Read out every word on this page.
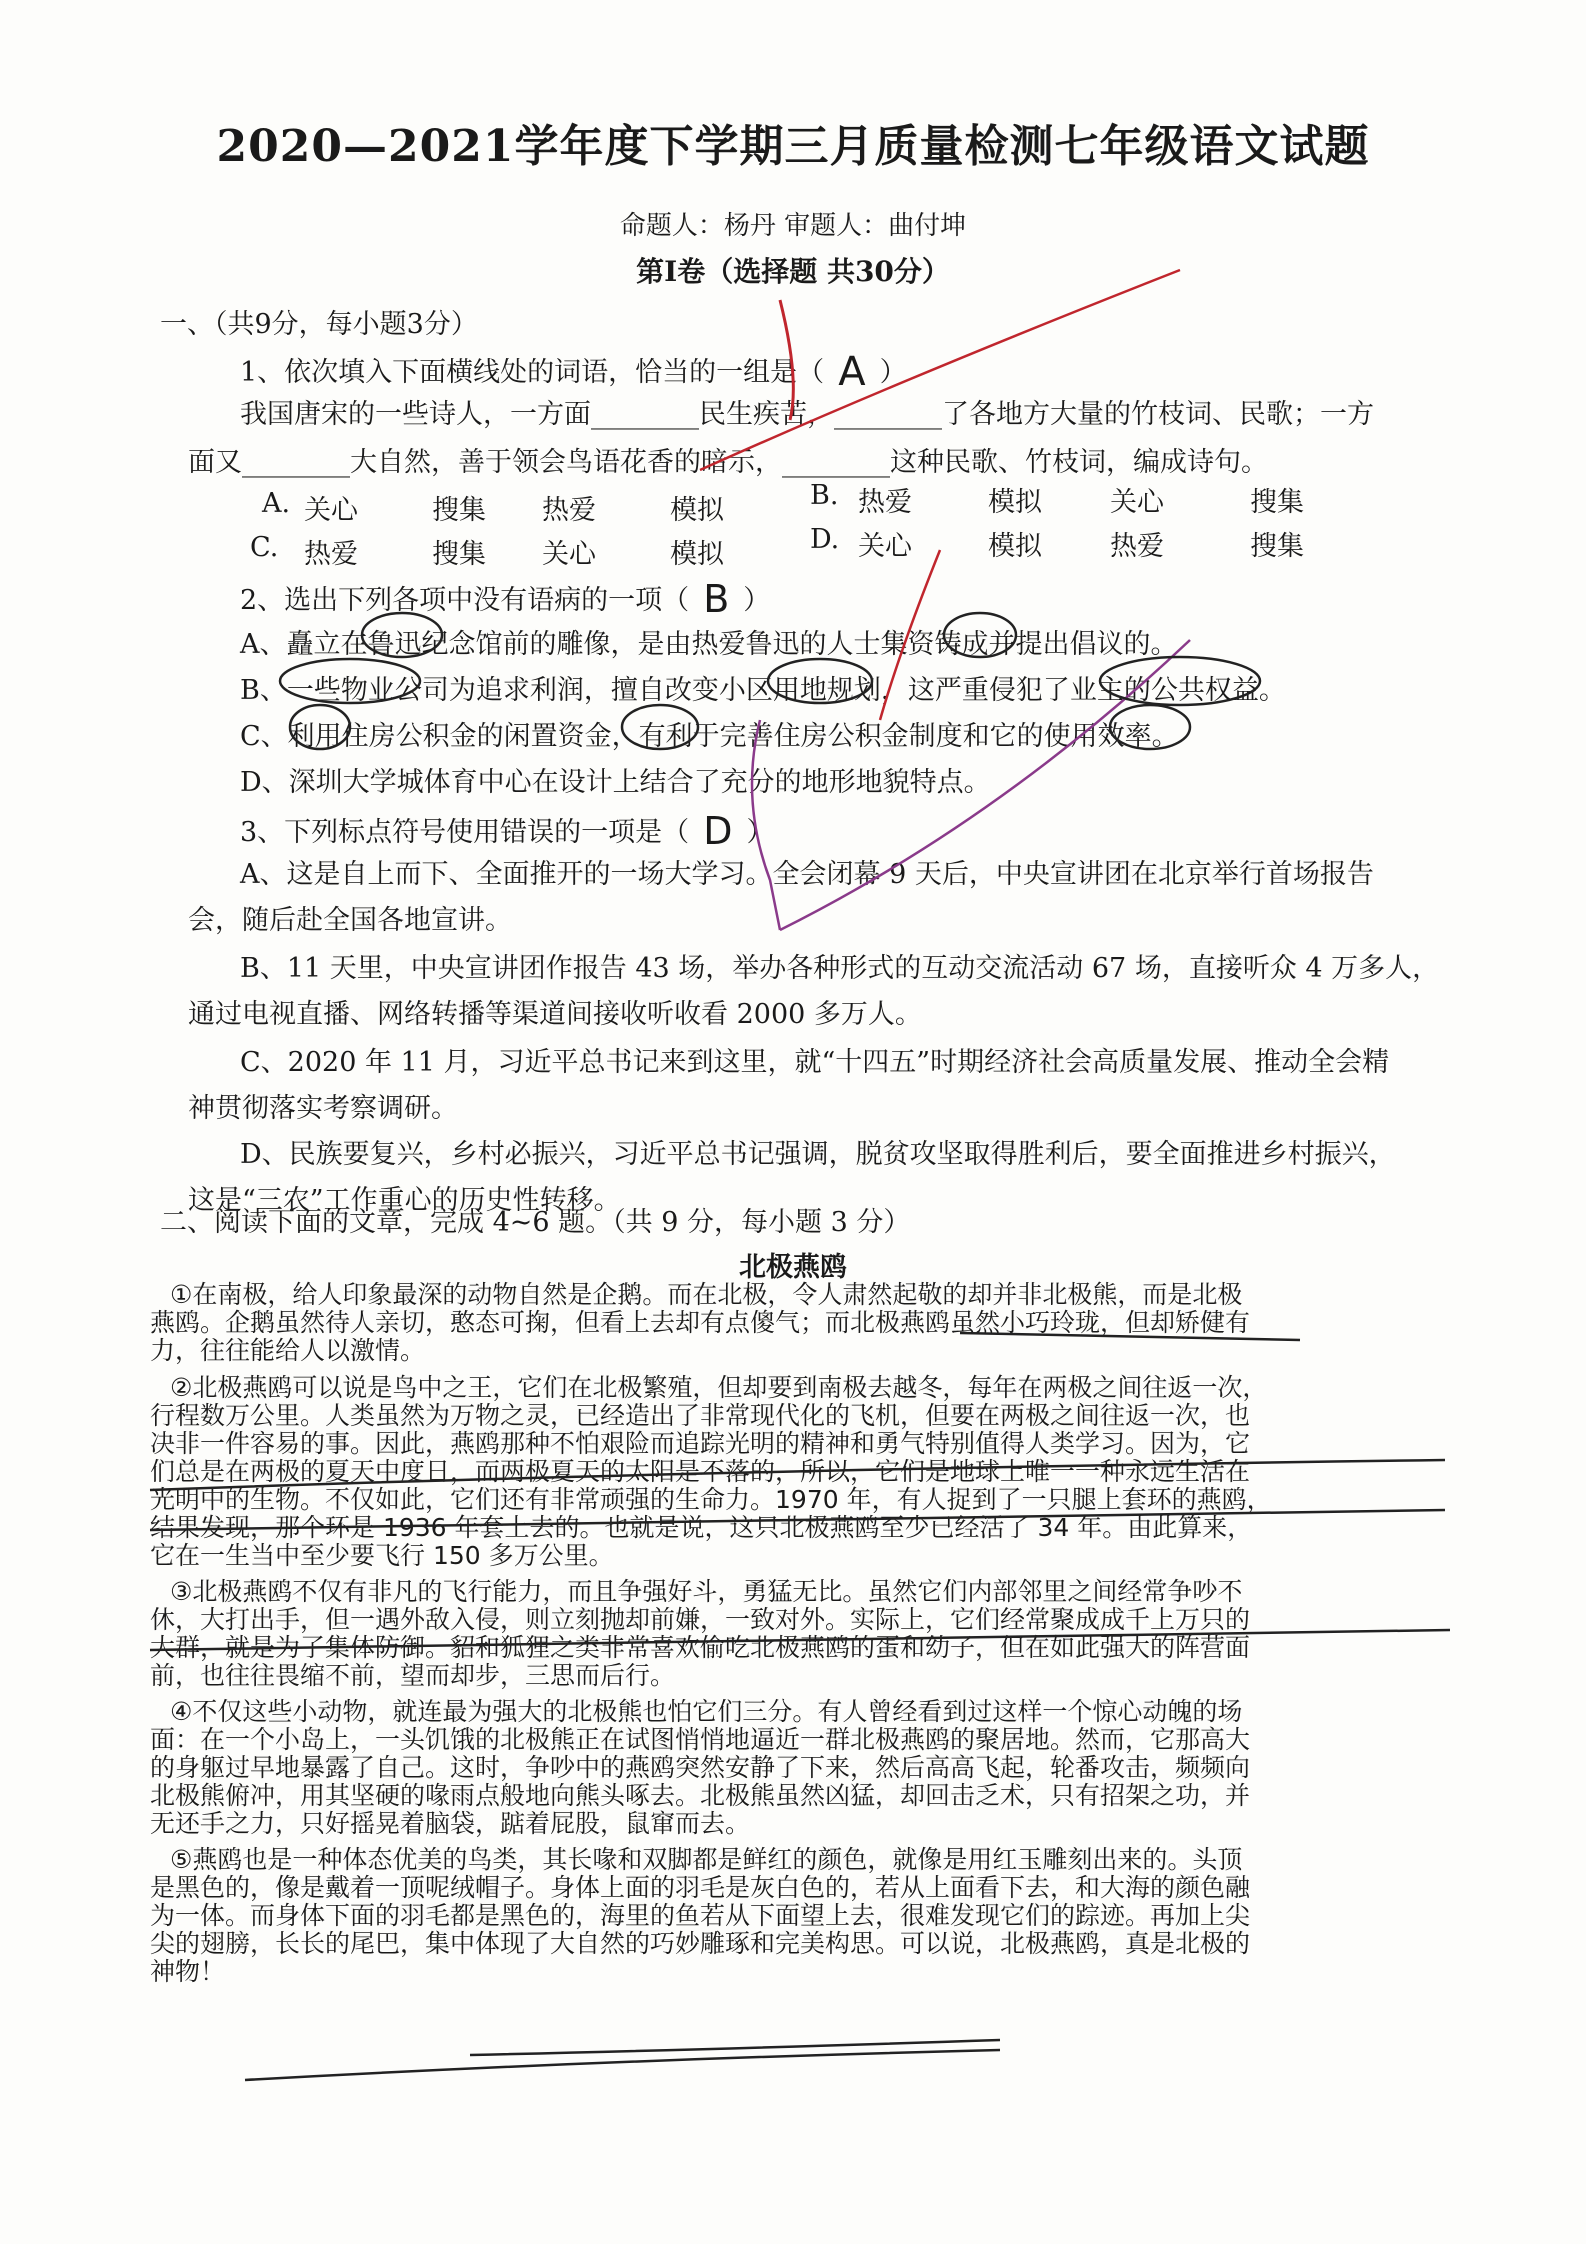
2020—2021学年度下学期三月质量检测七年级语文试题
命题人：杨丹 审题人：曲付坤
第Ⅰ卷（选择题 共30分）
一、（共9分，每小题3分）
1、依次填入下面横线处的词语，恰当的一组是（ A ）
我国唐宋的一些诗人，一方面________民生疾苦，________了各地方大量的竹枝词、民歌；一方
面又________大自然，善于领会鸟语花香的暗示，________这种民歌、竹枝词，编成诗句。
A. 关心	搜集 热爱	模拟	B. 热爱	模拟	关心	搜集
C. 热爱	搜集 关心	模拟	D. 关心	模拟	热爱	搜集
2、选出下列各项中没有语病的一项（ B ）
A、矗立在鲁迅纪念馆前的雕像，是由热爱鲁迅的人士集资铸成并提出倡议的。
B、一些物业公司为追求利润，擅自改变小区用地规划，这严重侵犯了业主的公共权益。
C、利用住房公积金的闲置资金，有利于完善住房公积金制度和它的使用效率。
D、深圳大学城体育中心在设计上结合了充分的地形地貌特点。
3、下列标点符号使用错误的一项是（ D ）
A、这是自上而下、全面推开的一场大学习。全会闭幕 9 天后，中央宣讲团在北京举行首场报告
会，随后赴全国各地宣讲。
B、11 天里，中央宣讲团作报告 43 场，举办各种形式的互动交流活动 67 场，直接听众 4 万多人，
通过电视直播、网络转播等渠道间接收听收看 2000 多万人。
C、2020 年 11 月，习近平总书记来到这里，就“十四五”时期经济社会高质量发展、推动全会精
神贯彻落实考察调研。
D、民族要复兴，乡村必振兴，习近平总书记强调，脱贫攻坚取得胜利后，要全面推进乡村振兴，
这是“三农”工作重心的历史性转移。
二、阅读下面的文章，完成 4~6 题。（共 9 分，每小题 3 分）
北极燕鸥
①在南极，给人印象最深的动物自然是企鹅。而在北极，令人肃然起敬的却并非北极熊，而是北极
燕鸥。企鹅虽然待人亲切，憨态可掬，但看上去却有点傻气；而北极燕鸥虽然小巧玲珑，但却矫健有
力，往往能给人以激情。
②北极燕鸥可以说是鸟中之王，它们在北极繁殖，但却要到南极去越冬，每年在两极之间往返一次，
行程数万公里。人类虽然为万物之灵，已经造出了非常现代化的飞机，但要在两极之间往返一次，也
决非一件容易的事。因此，燕鸥那种不怕艰险而追踪光明的精神和勇气特别值得人类学习。因为，它
们总是在两极的夏天中度日，而两极夏天的太阳是不落的，所以，它们是地球上唯一一种永远生活在
光明中的生物。不仅如此，它们还有非常顽强的生命力。1970 年，有人捉到了一只腿上套环的燕鸥，
结果发现，那个环是 1936 年套上去的。也就是说，这只北极燕鸥至少已经活了 34 年。由此算来，
它在一生当中至少要飞行 150 多万公里。
③北极燕鸥不仅有非凡的飞行能力，而且争强好斗，勇猛无比。虽然它们内部邻里之间经常争吵不
休，大打出手，但一遇外敌入侵，则立刻抛却前嫌，一致对外。实际上，它们经常聚成成千上万只的
大群，就是为了集体防御。貂和狐狸之类非常喜欢偷吃北极燕鸥的蛋和幼子，但在如此强大的阵营面
前，也往往畏缩不前，望而却步，三思而后行。
④不仅这些小动物，就连最为强大的北极熊也怕它们三分。有人曾经看到过这样一个惊心动魄的场
面：在一个小岛上，一头饥饿的北极熊正在试图悄悄地逼近一群北极燕鸥的聚居地。然而，它那高大
的身躯过早地暴露了自己。这时，争吵中的燕鸥突然安静了下来，然后高高飞起，轮番攻击，频频向
北极熊俯冲，用其坚硬的喙雨点般地向熊头啄去。北极熊虽然凶猛，却回击乏术，只有招架之功，并
无还手之力，只好摇晃着脑袋，踮着屁股，鼠窜而去。
⑤燕鸥也是一种体态优美的鸟类，其长喙和双脚都是鲜红的颜色，就像是用红玉雕刻出来的。头顶
是黑色的，像是戴着一顶呢绒帽子。身体上面的羽毛是灰白色的，若从上面看下去，和大海的颜色融
为一体。而身体下面的羽毛都是黑色的，海里的鱼若从下面望上去，很难发现它们的踪迹。再加上尖
尖的翅膀，长长的尾巴，集中体现了大自然的巧妙雕琢和完美构思。可以说，北极燕鸥，真是北极的
神物！
